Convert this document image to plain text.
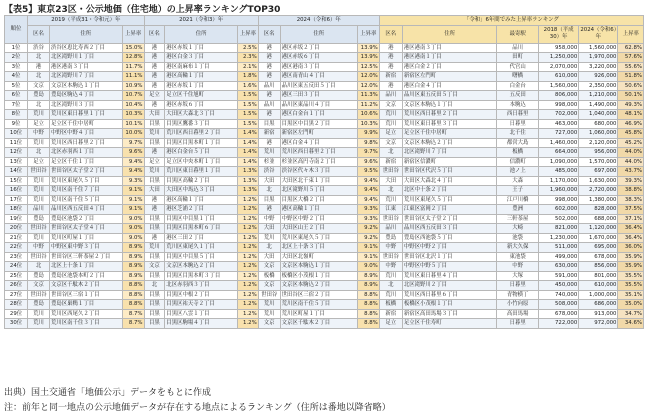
【表5】東京23区・公示地価（住宅地）の上昇率ランキングTOP30
順位	2019（平成31・令和元）年			2021（令和3）年			2024（令和6）年			「令和」6年間でみた上昇率ランキング					
	区名	住所	上昇率	区名	住所	上昇率	区名	住所	上昇率	区名	住所	最寄駅	2018（平成30）年	2024（令和6）年	上昇率
1位	渋谷	渋谷区恵比寿西２丁目	15.0%	港	港区赤坂１丁目	2.5%	港	港区赤坂２丁目	13.9%	港	港区港南３丁目	品川	958,000	1,560,000	62.8%
2位	北	北区滝野川１丁目	12.8%	港	港区白金３丁目	2.3%	港	港区赤坂６丁目	13.9%	港	港区港南１丁目	田町	1,250,000	1,970,000	57.6%
3位	港	港区港南３丁目	11.7%	港	港区南麻布１丁目	2.1%	港	港区港南３丁目	12.5%	港	港区白金２丁目	代官山	2,070,000	3,220,000	55.6%
4位	北	北区滝野川７丁目	11.1%	港	港区高輪１丁目	1.8%	港	港区南青山４丁目	12.0%	新宿	新宿区左門町	曙橋	610,000	926,000	51.8%
5位	文京	文京区本駒込１丁目	10.9%	港	港区赤坂１丁目	1.6%	品川	品川区東五反田５丁目	12.0%	港	港区白金４丁目	白金台	1,560,000	2,350,000	50.6%
6位	豊島	豊島区駒込４丁目	10.7%	足立	足立区千住旭町	1.5%	港	港区三田３丁目	11.3%	品川	品川区東五反田５丁目	五反田	806,000	1,210,000	50.1%
7位	北	北区滝野川３丁目	10.4%	港	港区赤坂６丁目	1.5%	品川	品川区東品川４丁目	11.2%	文京	文京区本駒込１丁目	本駒込	998,000	1,490,000	49.3%
8位	荒川	荒川区東日暮里１丁目	10.3%	大田	大田区大森北３丁目	1.5%	港	港区白金台１丁目	10.6%	荒川	荒川区西日暮里２丁目	西日暮里	702,000	1,040,000	48.1%
9位	足立	足立区千住中居町	10.1%	目黒	目黒区鷹番３丁目	1.5%	目黒	目黒区中目黒２丁目	10.3%	荒川	荒川区東日暮里３丁目	日暮里	463,000	680,000	46.9%
10位	中野	中野区中野４丁目	10.0%	荒川	荒川区西日暮里２丁目	1.4%	新宿	新宿区左門町	9.9%	足立	足立区千住中居町	北千住	727,000	1,060,000	45.8%
11位	荒川	荒川区西日暮里２丁目	9.7%	目黒	目黒区目黒本町１丁目	1.4%	港	港区白金４丁目	9.8%	文京	文京区本駒込２丁目	都営大島	1,460,000	2,120,000	45.2%
12位	北	北区赤羽西１丁目	9.6%	港	港区白金台５丁目	1.4%	荒川	荒川区西日暮里２丁目	9.7%	北	北区滝野川７丁目	板橋	664,000	956,000	44.0%
13位	足立	足立区千住１丁目	9.4%	足立	足立区中央本町１丁目	1.4%	杉並	杉並区高円寺南２丁目	9.6%	新宿	新宿区信濃町	信濃町	1,090,000	1,570,000	44.0%
14位	世田谷	世田谷区太子堂２丁目	9.4%	荒川	荒川区東日暮里１丁目	1.3%	渋谷	渋谷区代々木３丁目	9.5%	世田谷	世田谷区代沢５丁目	池ノ上	485,000	697,000	43.7%
15位	荒川	荒川区東尾久５丁目	9.3%	目黒	目黒区高輪２丁目	1.3%	大田	大田区北千束１丁目	9.4%	大田	大田区大森北４丁目	大森	1,170,000	1,630,000	39.3%
16位	荒川	荒川区南千住７丁目	9.1%	大田	大田区中馬込３丁目	1.3%	北	北区滝野川５丁目	9.4%	北	北区中十条２丁目	王子	1,960,000	2,720,000	38.8%
17位	荒川	荒川区南千住５丁目	9.1%	港	港区高輪１丁目	1.2%	目黒	目黒区大橋２丁目	9.4%	荒川	荒川区東尾久５丁目	江戸川橋	998,000	1,380,000	38.3%
18位	品川	品川区西五反田４丁目	9.1%	港	港区芝浦２丁目	1.2%	港	港区高輪１丁目	9.3%	江東	江東区富岡２丁目	豊洲	602,000	828,000	37.5%
19位	豊島	豊島区池袋２丁目	9.0%	目黒	目黒区中目黒１丁目	1.2%	中野	中野区中野２丁目	9.3%	世田谷	世田谷区太子堂２丁目	三軒茶屋	502,000	688,000	37.1%
20位	世田谷	世田谷区太子堂４丁目	9.0%	目黒	目黒区目黒本町６丁目	1.2%	大田	大田区山王２丁目	9.2%	品川	品川区西五反田３丁目	大崎	821,000	1,120,000	36.4%
21位	荒川	荒川区町屋１丁目	9.0%	港	港区三田２丁目	1.2%	荒川	荒川区東尾久５丁目	9.2%	豊島	豊島区西池袋５丁目	池袋	1,230,000	1,670,000	36.4%
22位	中野	中野区東中野３丁目	8.9%	荒川	荒川区東尾久１丁目	1.2%	北	北区上十条３丁目	9.1%	中野	中野区中野２丁目	新大久保	511,000	695,000	36.0%
23位	世田谷	世田谷区三軒茶屋２丁目	8.9%	目黒	目黒区中目黒５丁目	1.2%	大田	大田区北嶺町	9.1%	世田谷	世田谷区北沢１丁目	東池袋	499,000	678,000	35.9%
24位	北	北区上十条１丁目	8.9%	文京	文京区本駒込２丁目	1.2%	文京	文京区本駒込１丁目	9.0%	中野	中野区中野５丁目	中野	630,000	856,000	35.9%
25位	豊島	豊島区池袋本町２丁目	8.9%	目黒	目黒区目黒本町３丁目	1.2%	板橋	板橋区小茂根１丁目	8.9%	荒川	荒川区東日暮里４丁目	大塚	591,000	801,000	35.5%
26位	文京	文京区千駄木２丁目	8.8%	北	北区赤羽西３丁目	1.2%	文京	文京区本駒込２丁目	8.9%	北	北区滝野川２丁目	日暮里	450,000	610,000	35.5%
27位	世田谷	世田谷区三宿１丁目	8.8%	目黒	目黒区中根２丁目	1.2%	世田谷	世田谷区三宿２丁目	8.8%	荒川	荒川区西日暮里６丁目	青物横丁	740,000	1,000,000	35.1%
28位	豊島	豊島区巣鴨１丁目	8.8%	目黒	目黒区祐天寺２丁目	1.2%	荒川	荒川区南千住５丁目	8.8%	板橋	板橋区小茂根１丁目	小竹向原	508,000	686,000	35.0%
29位	荒川	荒川区西尾久２丁目	8.7%	目黒	目黒区八雲１丁目	1.2%	荒川	荒川区町屋１丁目	8.8%	新宿	新宿区高田馬場３丁目	高田馬場	678,000	913,000	34.7%
30位	荒川	荒川区南千住３丁目	8.7%	目黒	目黒区駒場４丁目	1.2%	文京	文京区千駄木２丁目	8.8%	足立	足立区千住寿町	日暮里	722,000	972,000	34.6%
出典）国土交通省「地価公示」データをもとに作成
注：前年と同一地点の公示地価データが存在する地点によるランキング（住所は番地以降省略）
